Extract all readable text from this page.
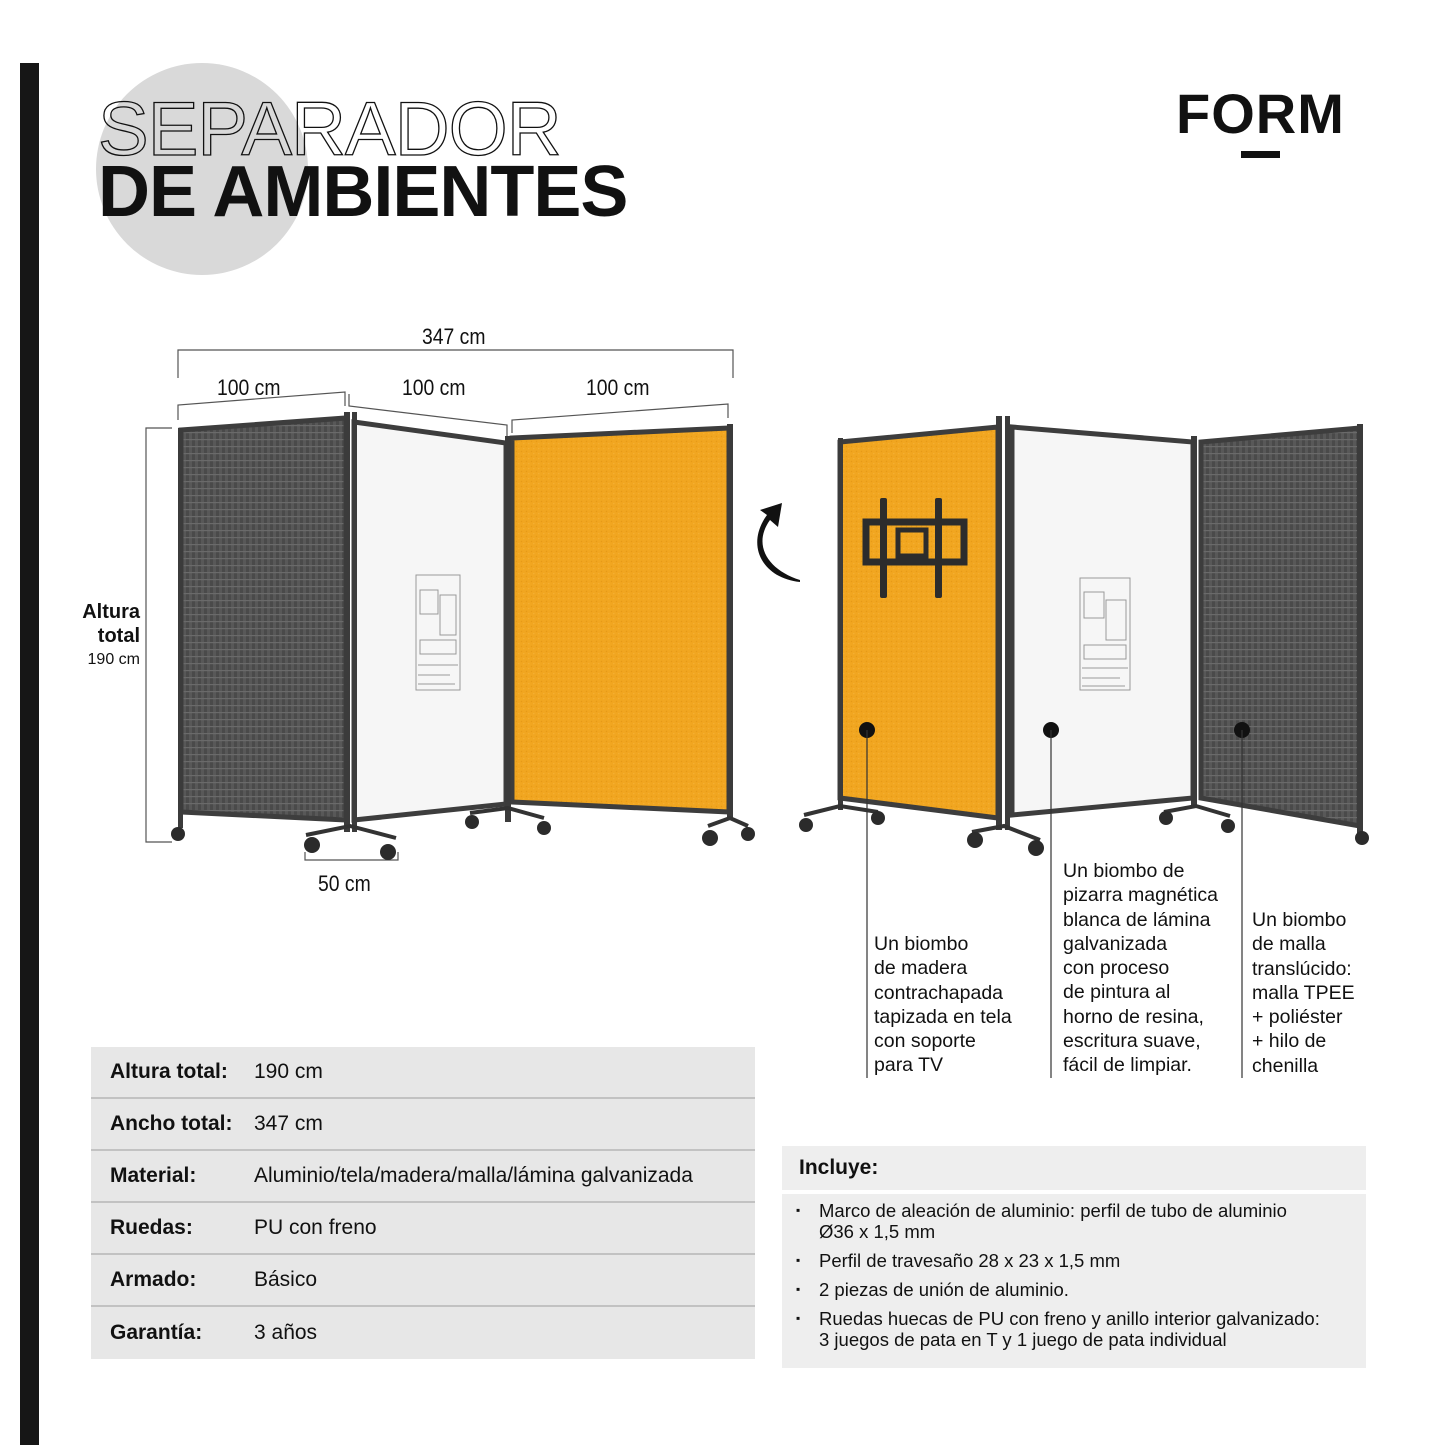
SEPARADOR
DE AMBIENTES
FORM
347 cm
100 cm	100 cm	100 cm
Altura
total
190 cm
50 cm
Un biombo
de madera
contrachapada
tapizada en tela
con soporte
para TV
Un biombo de
pizarra magnética
blanca de lámina
galvanizada
con proceso
de pintura al
horno de resina,
escritura suave,
fácil de limpiar.
Un biombo
de malla
translúcido:
malla TPEE
+ poliéster
+ hilo de
chenilla
Altura total:	190 cm
Ancho total:	347 cm
Material:	Aluminio/tela/madera/malla/lámina galvanizada
Ruedas:	PU con freno
Armado:	Básico
Garantía:	3 años
Incluye:
▪	Marco de aleación de aluminio: perfil de tubo de aluminio
Ø36 x 1,5 mm
▪	Perfil de travesaño 28 x 23 x 1,5 mm
▪	2 piezas de unión de aluminio.
▪	Ruedas huecas de PU con freno y anillo interior galvanizado:
3 juegos de pata en T y 1 juego de pata individual
